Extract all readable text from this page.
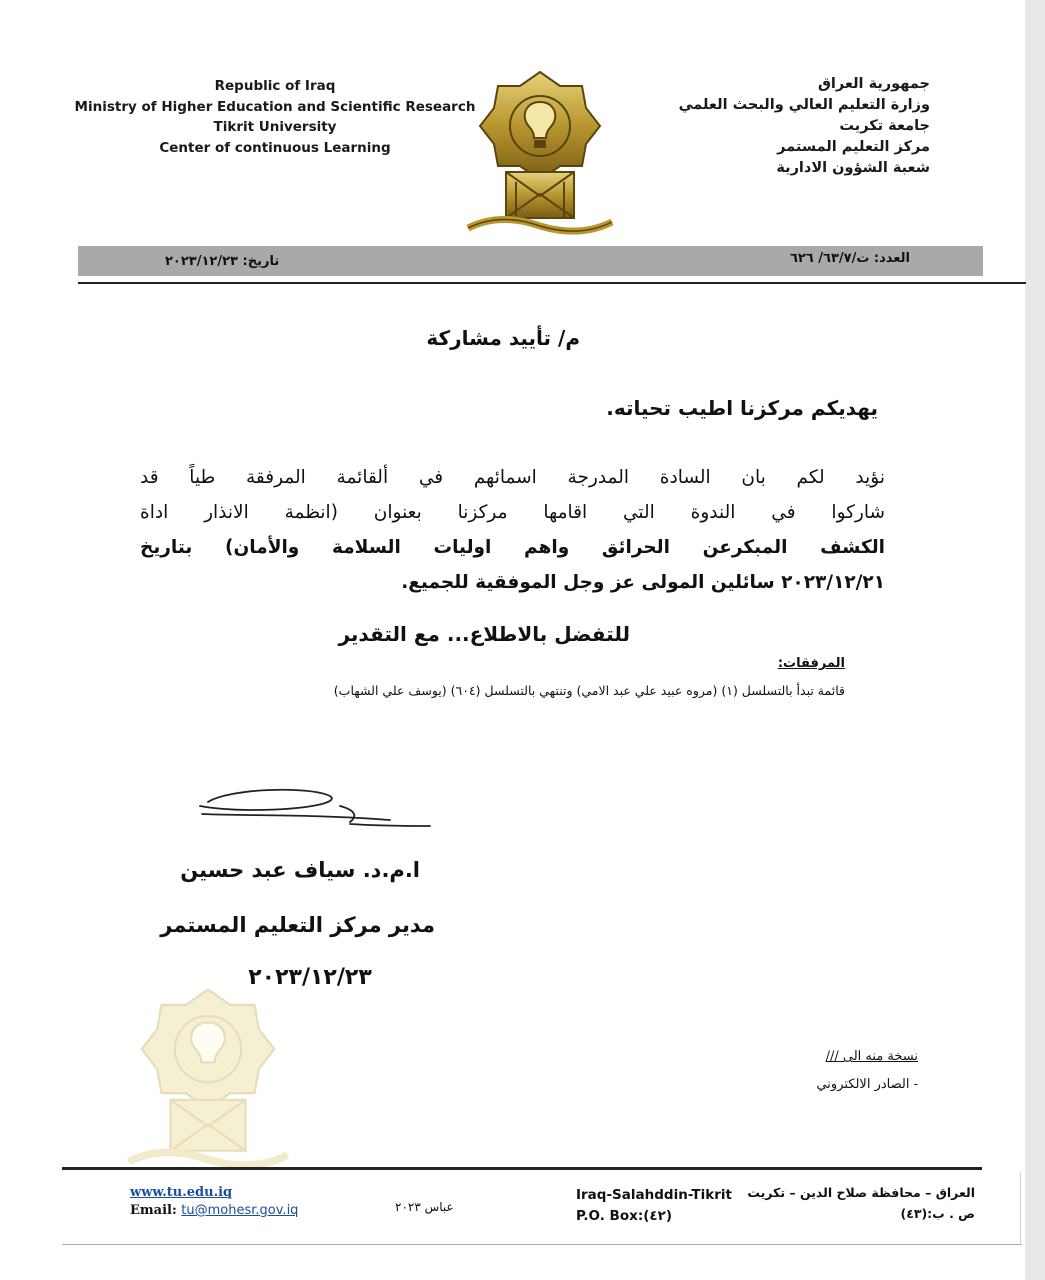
Republic of Iraq
Ministry of Higher Education and Scientific Research
Tikrit University
Center of continuous Learning
جمهورية العراق
وزارة التعليم العالي والبحث العلمي
جامعة تكريت
مركز التعليم المستمر
شعبة الشؤون الادارية
العدد: ت/٦٣/٧/ ٦٢٦
تاريخ: ٢٠٢٣/١٢/٢٣
م/ تأييد مشاركة
يهديكم مركزنا اطيب تحياته.
نؤيد لكم بان السادة المدرجة اسمائهم في ألقائمة المرفقة طياً قد
شاركوا في الندوة التي اقامها مركزنا بعنوان (انظمة الانذار اداة
الكشف المبكرعن الحرائق واهم اوليات السلامة والأمان) بتاريخ
٢٠٢٣/١٢/٢١ سائلين المولى عز وجل الموفقية للجميع.
للتفضل بالاطلاع... مع التقدير
المرفقات:
قائمة تبدأ بالتسلسل (١) (مروه عبيد علي عبد الامي) وتنتهي بالتسلسل (٦٠٤) (يوسف علي الشهاب)
ا.م.د. سياف عبد حسين
مدير مركز التعليم المستمر
٢٠٢٣/١٢/٢٣
نسخة منه الى ///
- الصادر الالكتروني
www.tu.edu.iq
Email: tu@mohesr.gov.iq	عباس ٢٠٢٣
Iraq-Salahddin-Tikrit
P.O. Box:(٤٢)
العراق – محافظة صلاح الدين – تكريت
ص . ب:(٤٣)
